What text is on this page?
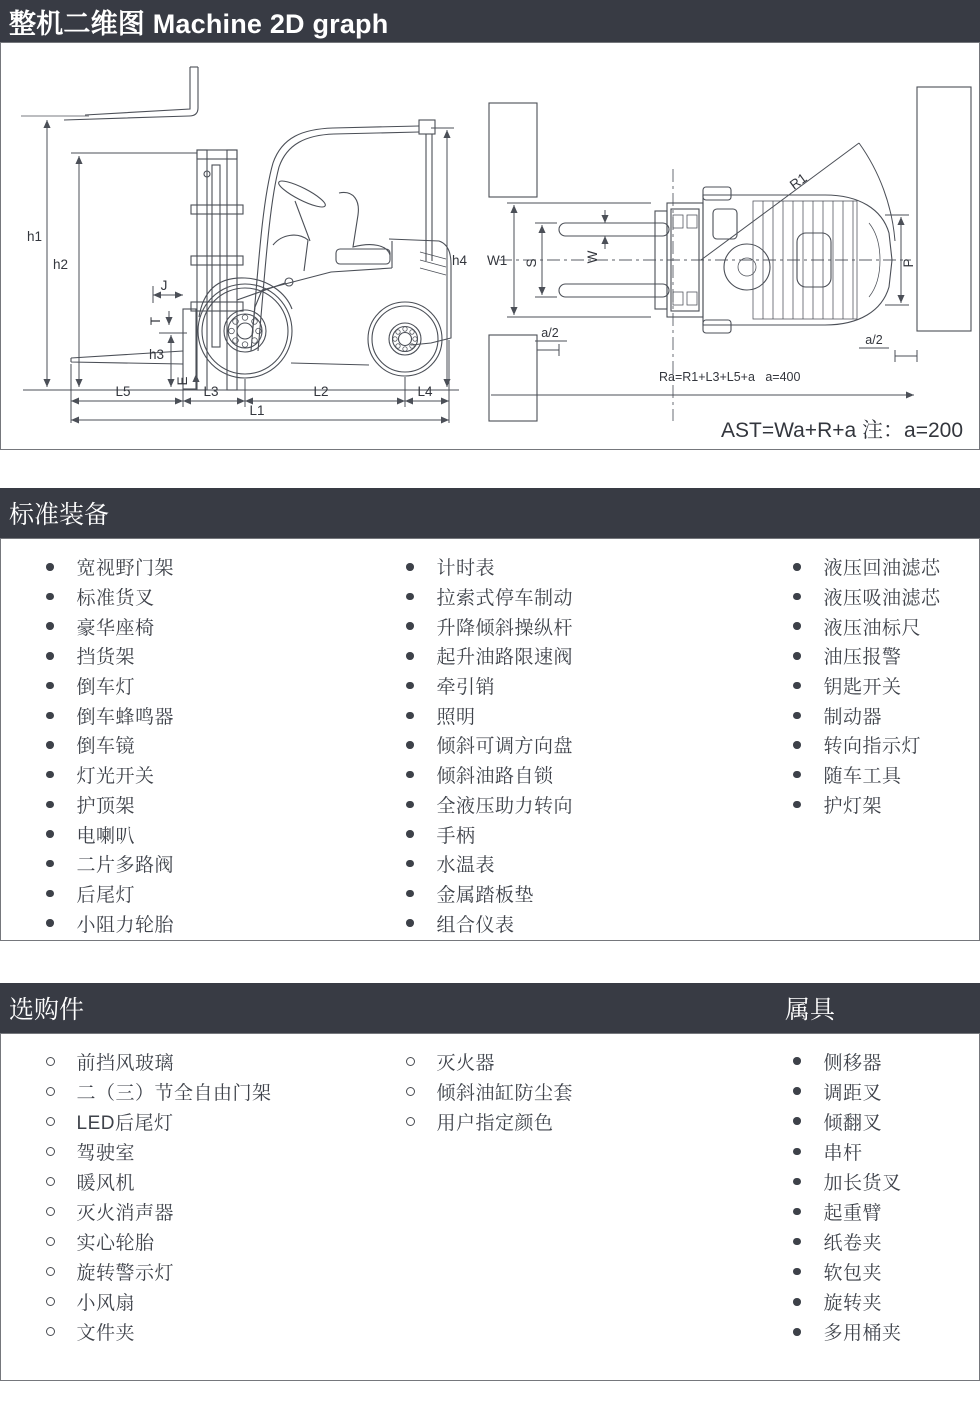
整机二维图 Machine 2D graph
h1
h2
J
T
h3
E
h4
L5	L3	L2	L4
L1
R1
W
S
W1	P
a/2	a/2
Ra=R1+L3+L5+a   a=400
AST=Wa+R+a 注：a=200
标准装备
宽视野门架
标准货叉
豪华座椅
挡货架
倒车灯
倒车蜂鸣器
倒车镜
灯光开关
护顶架
电喇叭
二片多路阀
后尾灯
小阻力轮胎
计时表
拉索式停车制动
升降倾斜操纵杆
起升油路限速阀
牵引销
照明
倾斜可调方向盘
倾斜油路自锁
全液压助力转向
手柄
水温表
金属踏板垫
组合仪表
液压回油滤芯
液压吸油滤芯
液压油标尺
油压报警
钥匙开关
制动器
转向指示灯
随车工具
护灯架
选购件	属具
前挡风玻璃
二（三）节全自由门架
LED后尾灯
驾驶室
暖风机
灭火消声器
实心轮胎
旋转警示灯
小风扇
文件夹
灭火器
倾斜油缸防尘套
用户指定颜色
侧移器
调距叉
倾翻叉
串杆
加长货叉
起重臂
纸卷夹
软包夹
旋转夹
多用桶夹
